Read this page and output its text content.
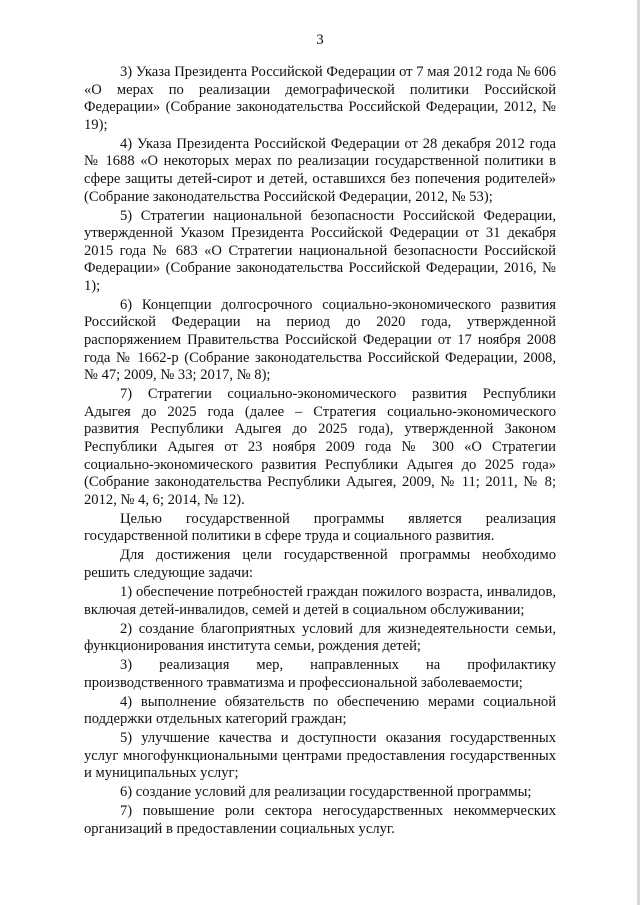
3

3) Указа Президента Российской Федерации от 7 мая 2012 года № 606 «О мерах по реализации демографической политики Российской Федерации» (Собрание законодательства Российской Федерации, 2012, № 19);

4) Указа Президента Российской Федерации от 28 декабря 2012 года № 1688 «О некоторых мерах по реализации государственной политики в сфере защиты детей-сирот и детей, оставшихся без попечения родителей» (Собрание законодательства Российской Федерации, 2012, № 53);

5) Стратегии национальной безопасности Российской Федерации, утвержденной Указом Президента Российской Федерации от 31 декабря 2015 года № 683 «О Стратегии национальной безопасности Российской Федерации» (Собрание законодательства Российской Федерации, 2016, № 1);

6) Концепции долгосрочного социально-экономического развития Российской Федерации на период до 2020 года, утвержденной распоряжением Правительства Российской Федерации от 17 ноября 2008 года № 1662-р (Собрание законодательства Российской Федерации, 2008, № 47; 2009, № 33; 2017, № 8);

7) Стратегии социально-экономического развития Республики Адыгея до 2025 года (далее – Стратегия социально-экономического развития Республики Адыгея до 2025 года), утвержденной Законом Республики Адыгея от 23 ноября 2009 года № 300 «О Стратегии социально-экономического развития Республики Адыгея до 2025 года» (Собрание законодательства Республики Адыгея, 2009, № 11; 2011, № 8; 2012, № 4, 6; 2014, № 12).

Целью государственной программы является реализация государственной политики в сфере труда и социального развития.

Для достижения цели государственной программы необходимо решить следующие задачи:

1) обеспечение потребностей граждан пожилого возраста, инвалидов, включая детей-инвалидов, семей и детей в социальном обслуживании;

2) создание благоприятных условий для жизнедеятельности семьи, функционирования института семьи, рождения детей;

3) реализация мер, направленных на профилактику производственного травматизма и профессиональной заболеваемости;

4) выполнение обязательств по обеспечению мерами социальной поддержки отдельных категорий граждан;

5) улучшение качества и доступности оказания государственных услуг многофункциональными центрами предоставления государственных и муниципальных услуг;

6) создание условий для реализации государственной программы;

7) повышение роли сектора негосударственных некоммерческих организаций в предоставлении социальных услуг.
